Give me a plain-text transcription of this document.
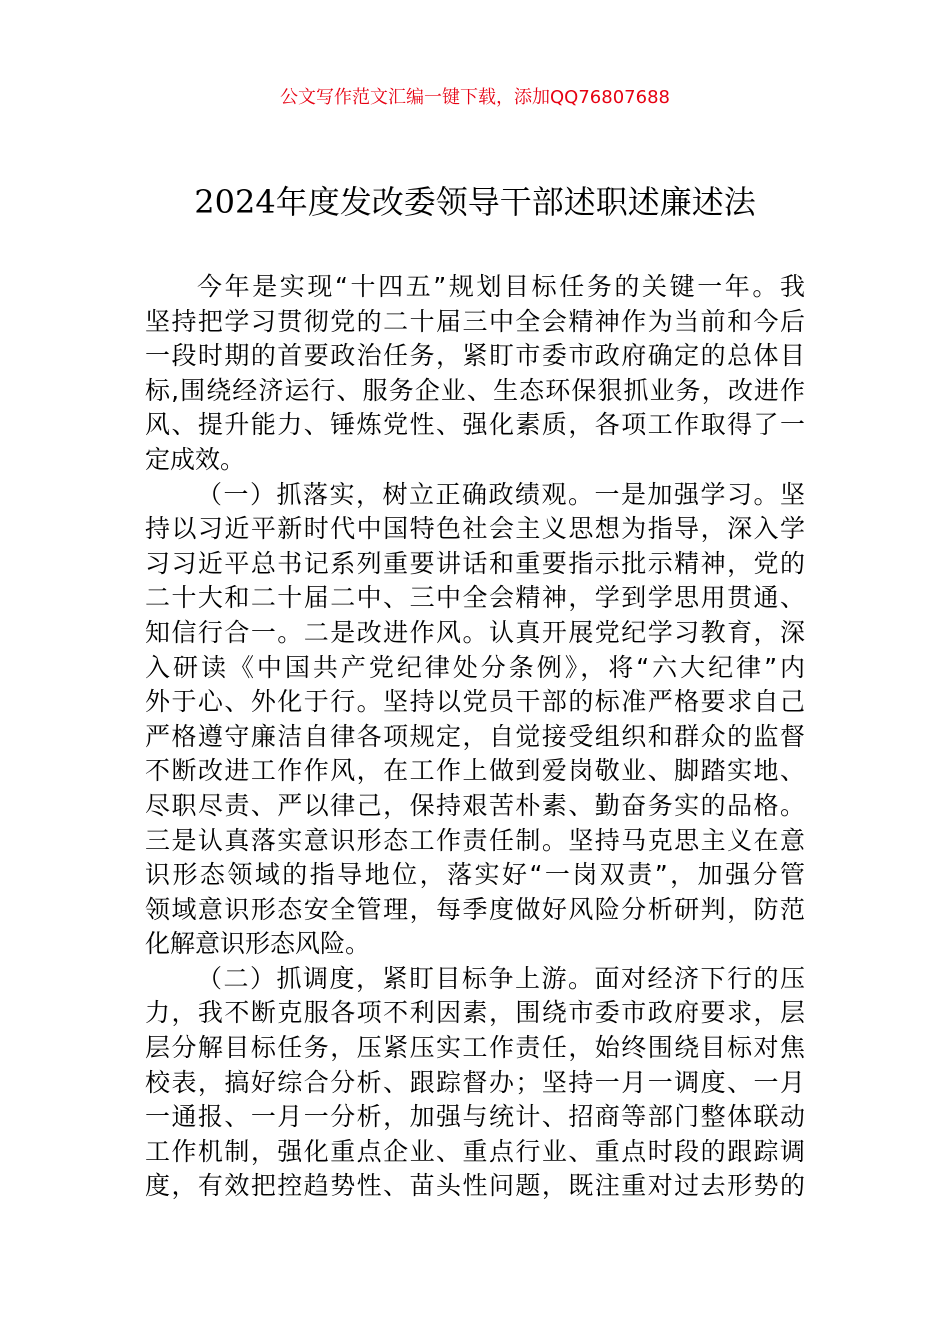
公文写作范文汇编一键下载，添加QQ76807688
2024年度发改委领导干部述职述廉述法
今年是实现“十四五”规划目标任务的关键一年。我
坚持把学习贯彻党的二十届三中全会精神作为当前和今后
一段时期的首要政治任务，紧盯市委市政府确定的总体目
标,围绕经济运行、服务企业、生态环保狠抓业务，改进作
风、提升能力、锤炼党性、强化素质，各项工作取得了一
定成效。
（一）抓落实，树立正确政绩观。一是加强学习。坚
持以习近平新时代中国特色社会主义思想为指导，深入学
习习近平总书记系列重要讲话和重要指示批示精神，党的
二十大和二十届二中、三中全会精神，学到学思用贯通、
知信行合一。二是改进作风。认真开展党纪学习教育，深
入研读《中国共产党纪律处分条例》，将“六大纪律”内
外于心、外化于行。坚持以党员干部的标准严格要求自己
严格遵守廉洁自律各项规定，自觉接受组织和群众的监督
不断改进工作作风，在工作上做到爱岗敬业、脚踏实地、
尽职尽责、严以律己，保持艰苦朴素、勤奋务实的品格。
三是认真落实意识形态工作责任制。坚持马克思主义在意
识形态领域的指导地位，落实好“一岗双责”，加强分管
领域意识形态安全管理，每季度做好风险分析研判，防范
化解意识形态风险。
（二）抓调度，紧盯目标争上游。面对经济下行的压
力，我不断克服各项不利因素，围绕市委市政府要求，层
层分解目标任务，压紧压实工作责任，始终围绕目标对焦
校表，搞好综合分析、跟踪督办；坚持一月一调度、一月
一通报、一月一分析，加强与统计、招商等部门整体联动
工作机制，强化重点企业、重点行业、重点时段的跟踪调
度，有效把控趋势性、苗头性问题，既注重对过去形势的
